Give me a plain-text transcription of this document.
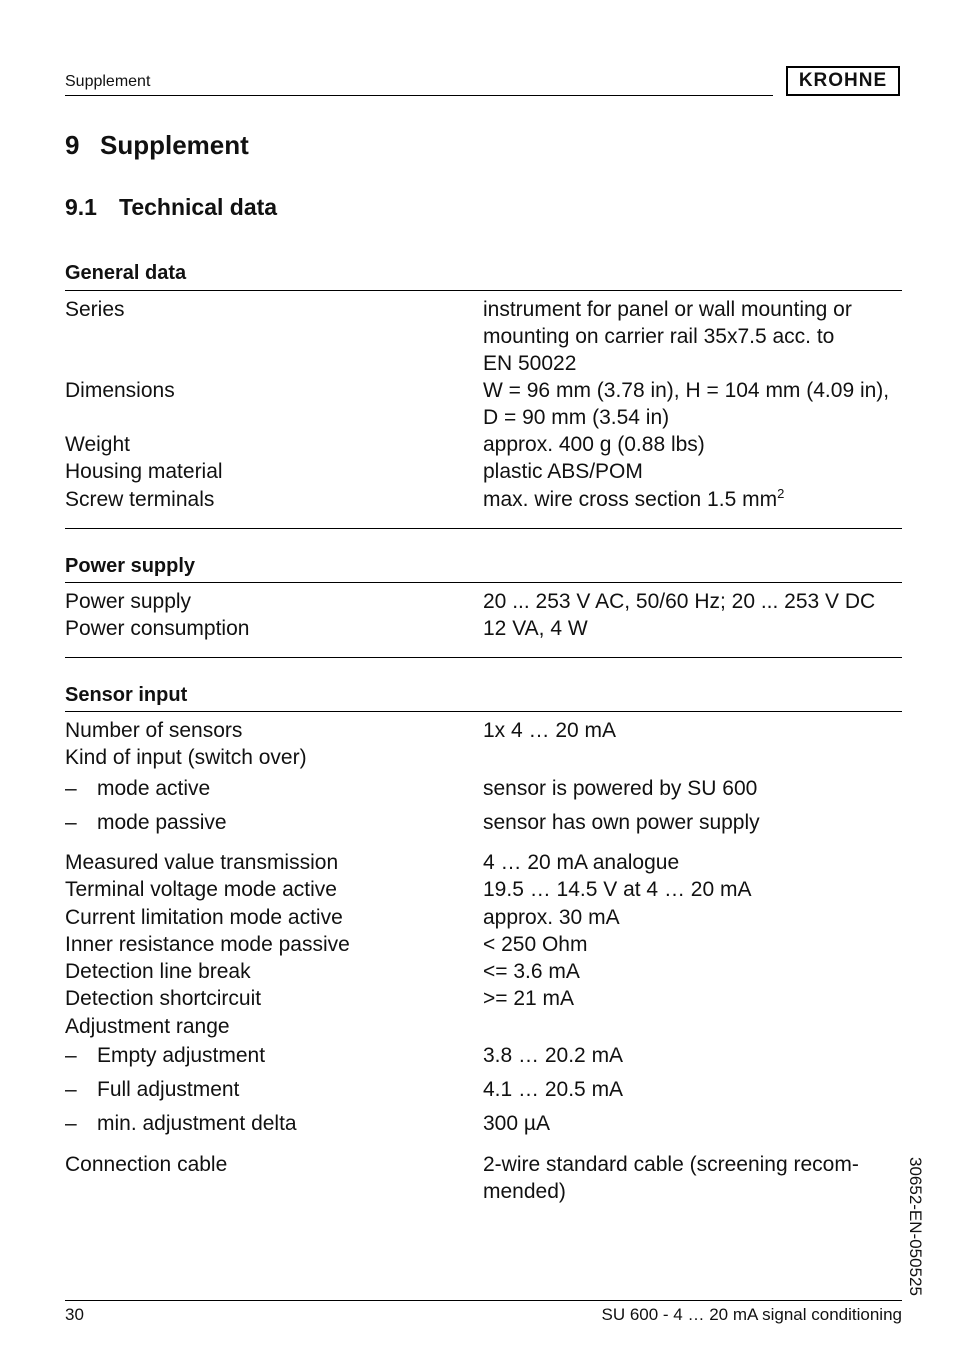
Supplement	KROHNE
9 Supplement
9.1 Technical data
General data
Series	instrument for panel or wall mounting or
mounting on carrier rail 35x7.5 acc. to
EN 50022
Dimensions	W = 96 mm (3.78 in), H = 104 mm (4.09 in),
D = 90 mm (3.54 in)
Weight	approx. 400 g (0.88 lbs)
Housing material	plastic ABS/POM
Screw terminals	max. wire cross section 1.5 $mm^2$
Power supply
Power supply	20 ... 253 V AC, 50/60 Hz; 20 ... 253 V DC
Power consumption	12 VA, 4 W
Sensor input
Number of sensors	1x 4 … 20 mA
Kind of input (switch over)
– mode active	sensor is powered by SU 600
– mode passive	sensor has own power supply
Measured value transmission	4 … 20 mA analogue
Terminal voltage mode active	19.5 … 14.5 V at 4 … 20 mA
Current limitation mode active	approx. 30 mA
Inner resistance mode passive	< 250 Ohm
Detection line break	<= 3.6 mA
Detection shortcircuit	>= 21 mA
Adjustment range
– Empty adjustment	3.8 … 20.2 mA
– Full adjustment	4.1 … 20.5 mA
– min. adjustment delta	300 µA
Connection cable	2-wire standard cable (screening recom-
mended)	30652-EN-050525
30	SU 600 - 4 … 20 mA signal conditioning
